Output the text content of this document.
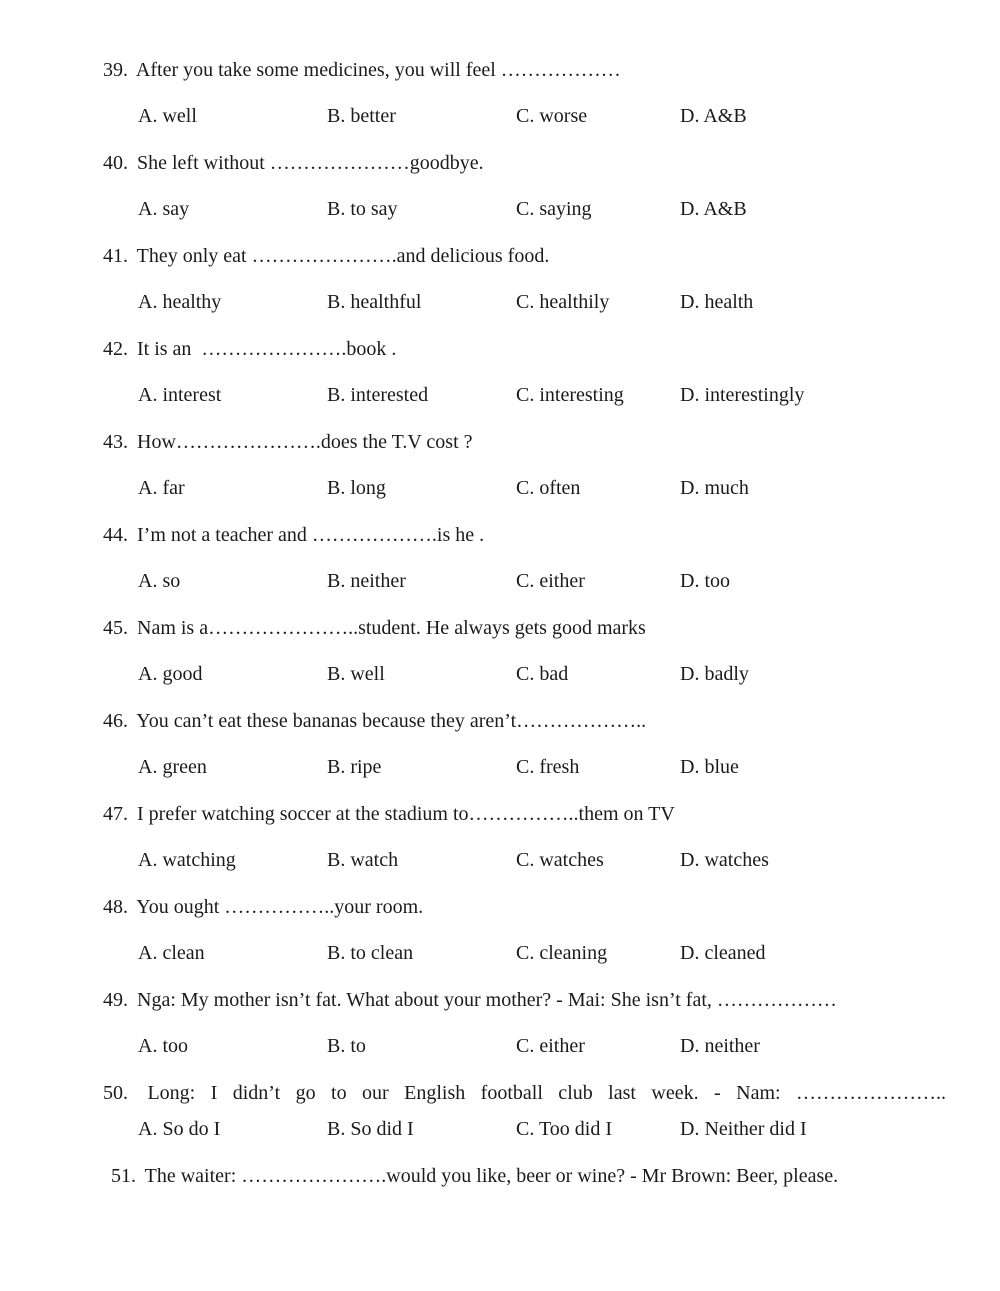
39. After you take some medicines, you will feel ………………
A. well	B. better	C. worse	D. A&B
40. She left without …………………goodbye.
A. say	B. to say	C. saying	D. A&B
41. They only eat ………………….and delicious food.
A. healthy	B. healthful	C. healthily	D. health
42. It is an  ………………….book .
A. interest	B. interested	C. interesting	D. interestingly
43. How………………….does the T.V cost ?
A. far	B. long	C. often	D. much
44. I’m not a teacher and ……………….is he .
A. so	B. neither	C. either	D. too
45. Nam is a…………………..student. He always gets good marks
A. good	B. well	C. bad	D. badly
46. You can’t eat these bananas because they aren’t………………..
A. green	B. ripe	C. fresh	D. blue
47. I prefer watching soccer at the stadium to……………..them on TV
A. watching	B. watch	C. watches	D. watches
48. You ought ……………..your room.
A. clean	B. to clean	C. cleaning	D. cleaned
49. Nga: My mother isn’t fat. What about your mother? - Mai: She isn’t fat, ………………
A. too	B. to	C. either	D. neither
50. Long: I didn’t go to our English football club last week. - Nam: …………………..
A. So do I	B. So did I	C. Too did I	D. Neither did I
51. The waiter: ………………….would you like, beer or wine? - Mr Brown: Beer, please.
